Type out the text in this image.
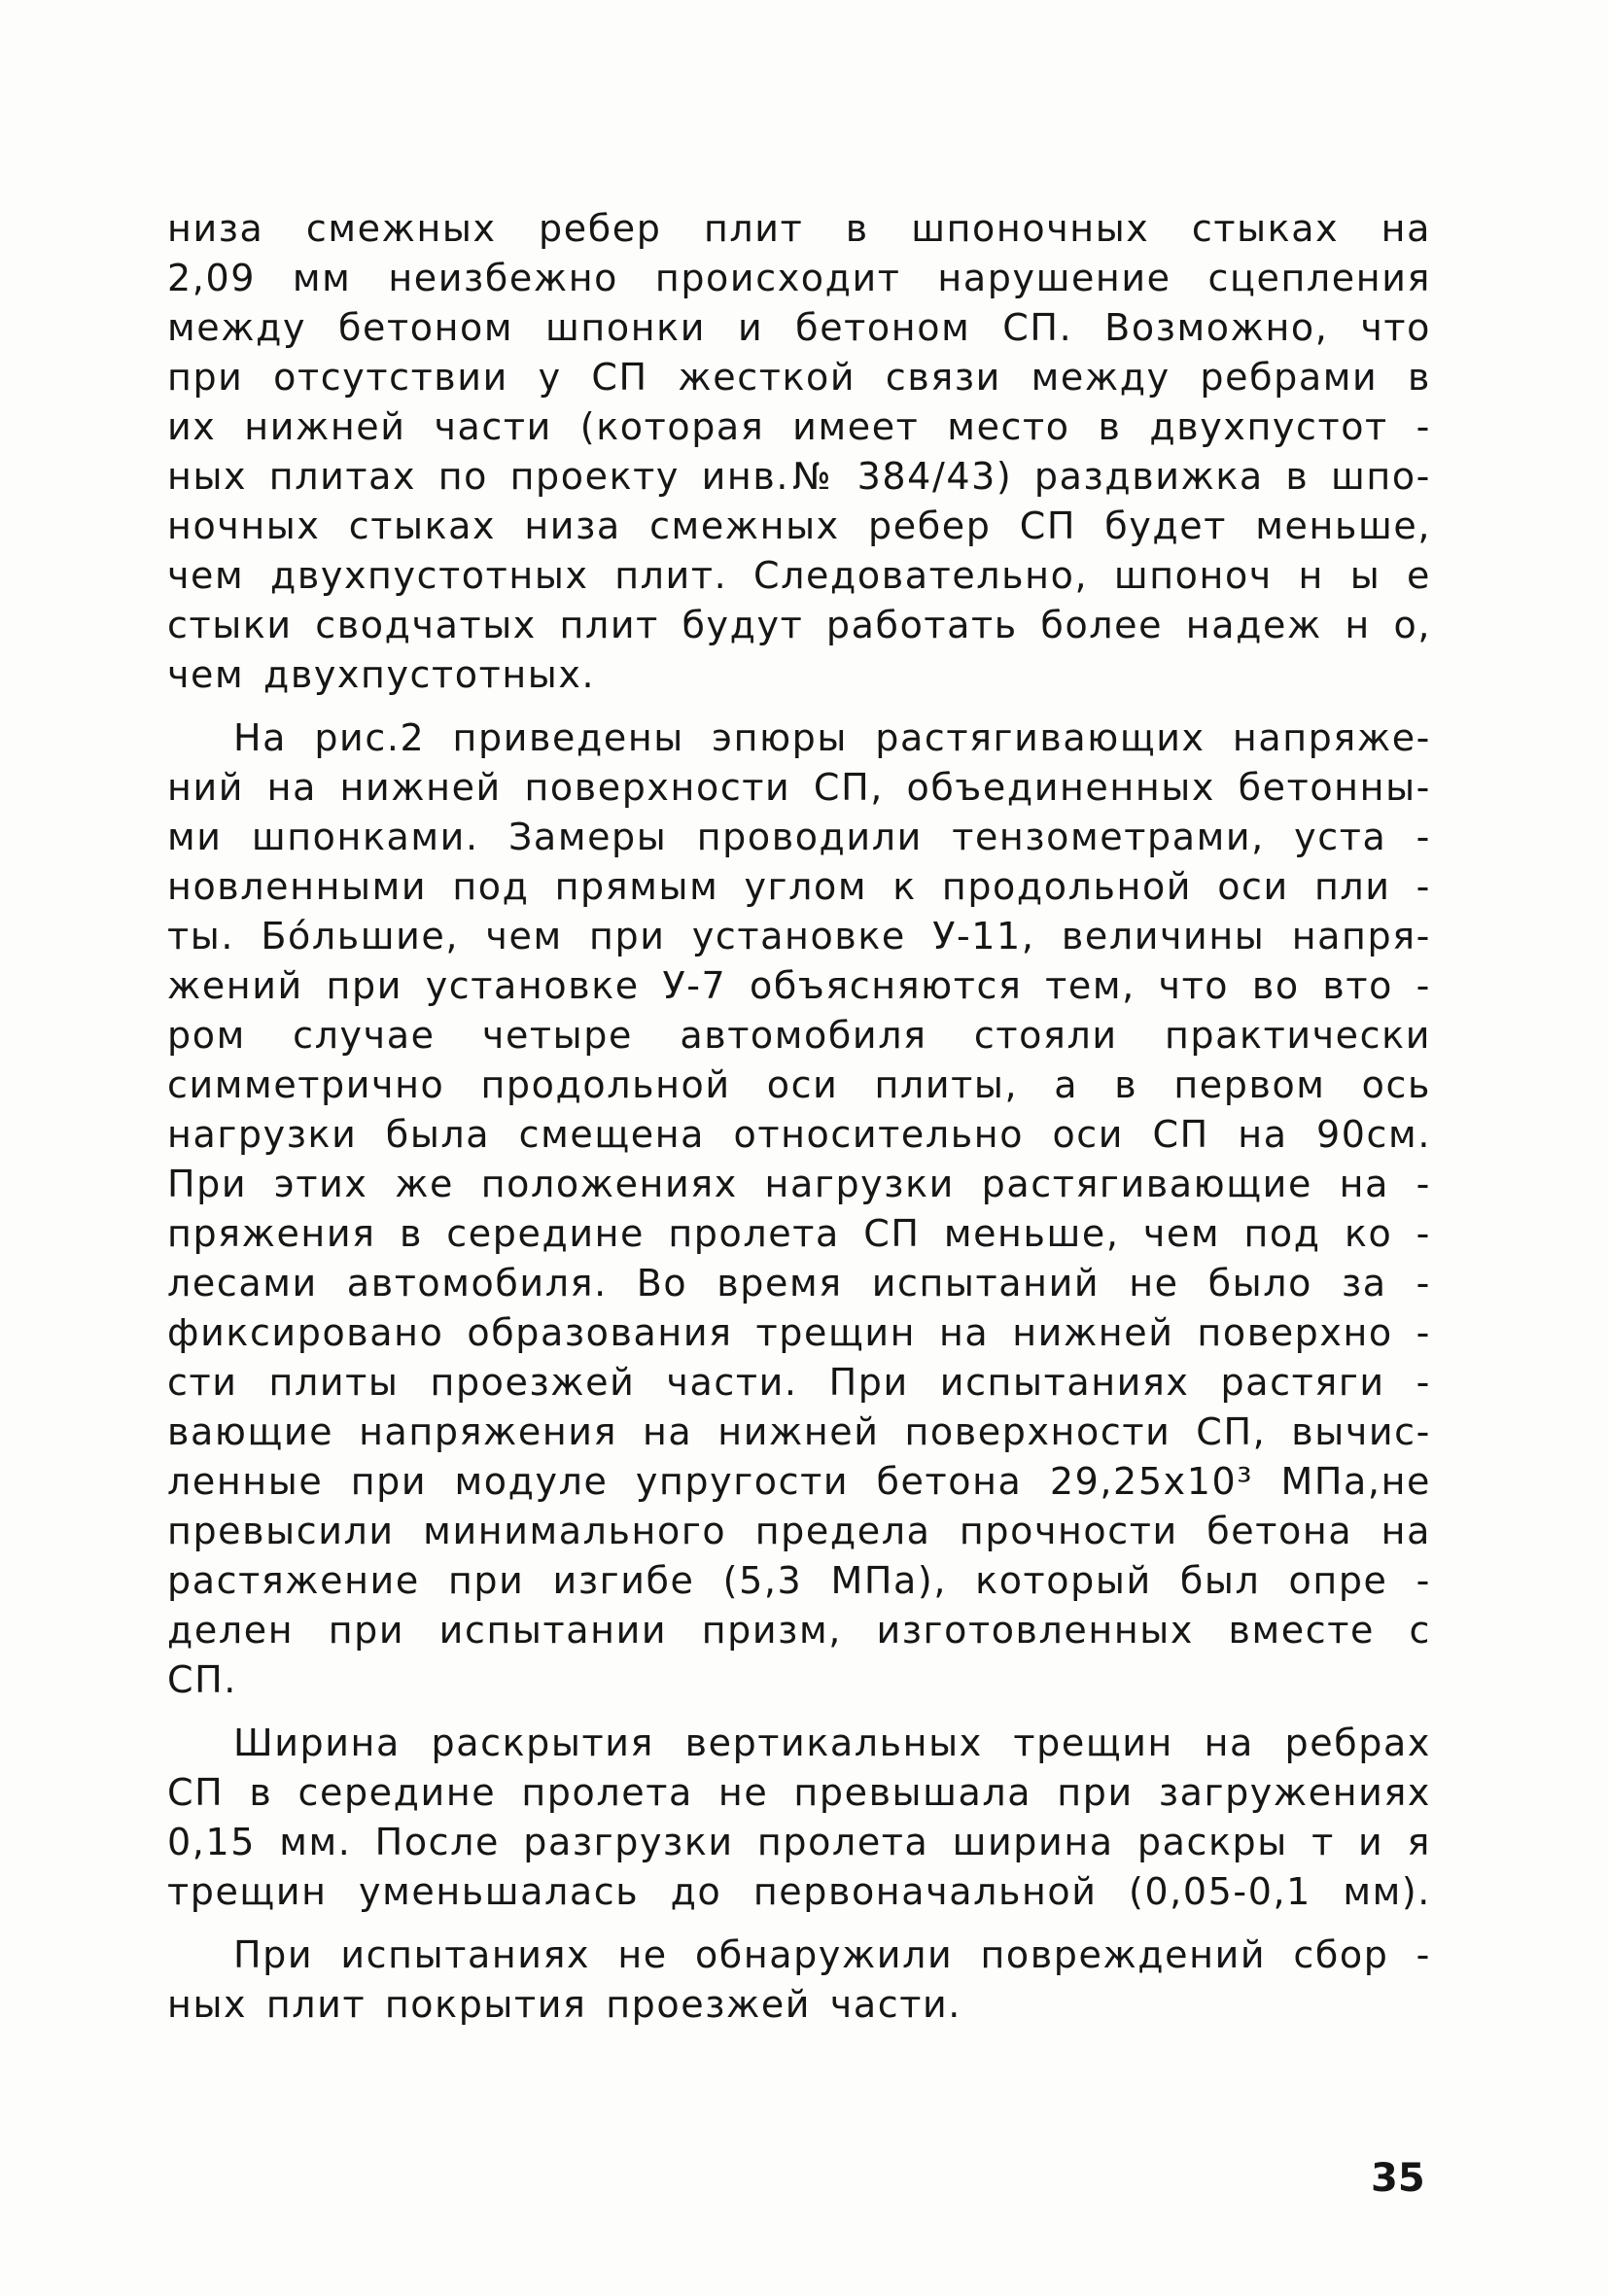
низа смежных ребер плит в шпоночных стыках на
2,09 мм неизбежно происходит нарушение сцепления
между бетоном шпонки и бетоном СП. Возможно, что
при отсутствии у СП жесткой связи между ребрами в
их нижней части (которая имеет место в двухпустот -
ных плитах по проекту инв.№ 384/43) раздвижка в шпо-
ночных стыках низа смежных ребер СП будет меньше,
чем двухпустотных плит. Следовательно, шпоноч н ы е
стыки сводчатых плит будут работать более надеж н о,
чем двухпустотных.
На рис.2 приведены эпюры растягивающих напряже-
ний на нижней поверхности СП, объединенных бетонны-
ми шпонками. Замеры проводили тензометрами, уста -
новленными под прямым углом к продольной оси пли -
ты. Бóльшие, чем при установке У-11, величины напря-
жений при установке У-7 объясняются тем, что во вто -
ром случае четыре автомобиля стояли практически
симметрично продольной оси плиты, а в первом ось
нагрузки была смещена относительно оси СП на 90см.
При этих же положениях нагрузки растягивающие на -
пряжения в середине пролета СП меньше, чем под ко -
лесами автомобиля. Во время испытаний не было за -
фиксировано образования трещин на нижней поверхно -
сти плиты проезжей части. При испытаниях растяги -
вающие напряжения на нижней поверхности СП, вычис-
ленные при модуле упругости бетона 29,25х10³ МПа,не
превысили минимального предела прочности бетона на
растяжение при изгибе (5,3 МПа), который был опре -
делен при испытании призм, изготовленных вместе с
СП.
Ширина раскрытия вертикальных трещин на ребрах
СП в середине пролета не превышала при загружениях
0,15 мм. После разгрузки пролета ширина раскры т и я
трещин уменьшалась до первоначальной (0,05-0,1 мм).
При испытаниях не обнаружили повреждений сбор -
ных плит покрытия проезжей части.
35
